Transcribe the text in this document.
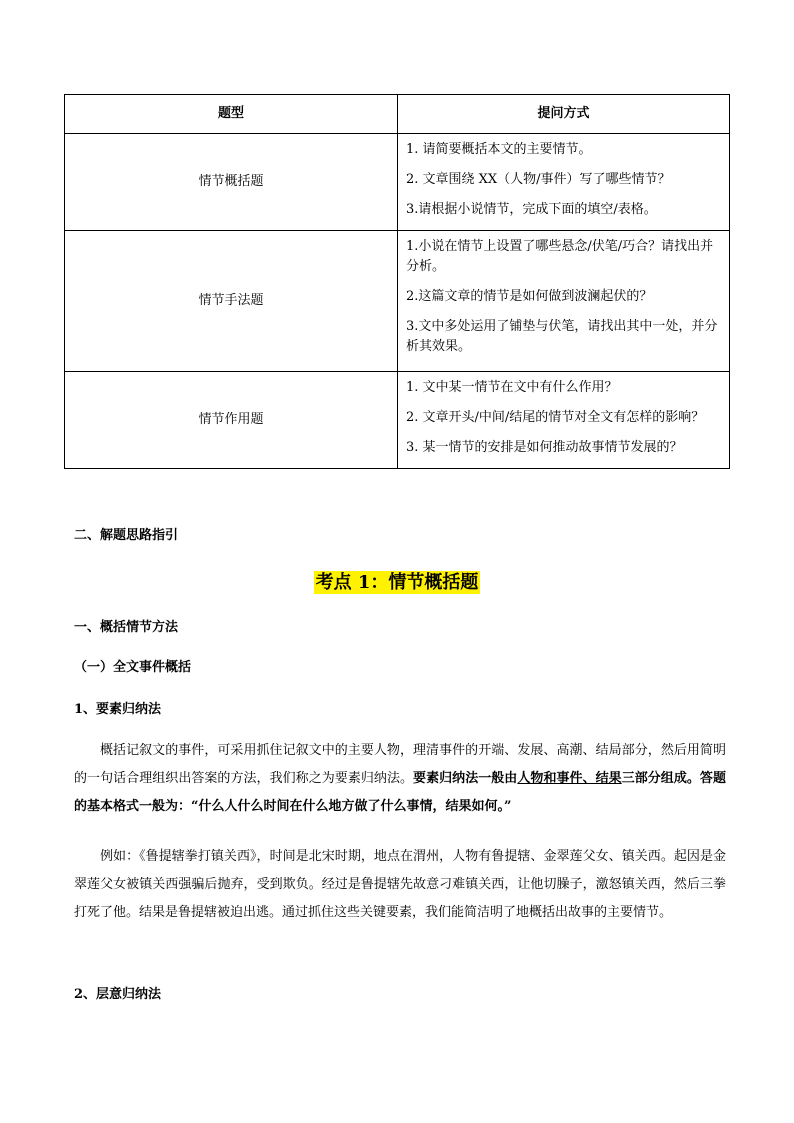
题型	提问方式
情节概括题	1. 请简要概括本文的主要情节。

2. 文章围绕 XX（人物/事件）写了哪些情节？

3.请根据小说情节，完成下面的填空/表格。

情节手法题	1.小说在情节上设置了哪些悬念/伏笔/巧合？请找出并分析。

2.这篇文章的情节是如何做到波澜起伏的？

3.文中多处运用了铺垫与伏笔，请找出其中一处，并分析其效果。

情节作用题	1. 文中某一情节在文中有什么作用？

2. 文章开头/中间/结尾的情节对全文有怎样的影响？

3. 某一情节的安排是如何推动故事情节发展的？

二、解题思路指引

考点 1：情节概括题

一、概括情节方法

（一）全文事件概括

1、要素归纳法

概括记叙文的事件，可采用抓住记叙文中的主要人物，理清事件的开端、发展、高潮、结局部分，然后用简明的一句话合理组织出答案的方法，我们称之为要素归纳法。要素归纳法一般由人物和事件、结果三部分组成。答题的基本格式一般为：“什么人什么时间在什么地方做了什么事情，结果如何。”

例如：《鲁提辖拳打镇关西》，时间是北宋时期，地点在渭州，人物有鲁提辖、金翠莲父女、镇关西。起因是金翠莲父女被镇关西强骗后抛弃，受到欺负。经过是鲁提辖先故意刁难镇关西，让他切臊子，激怒镇关西，然后三拳打死了他。结果是鲁提辖被迫出逃。通过抓住这些关键要素，我们能简洁明了地概括出故事的主要情节。

2、层意归纳法
